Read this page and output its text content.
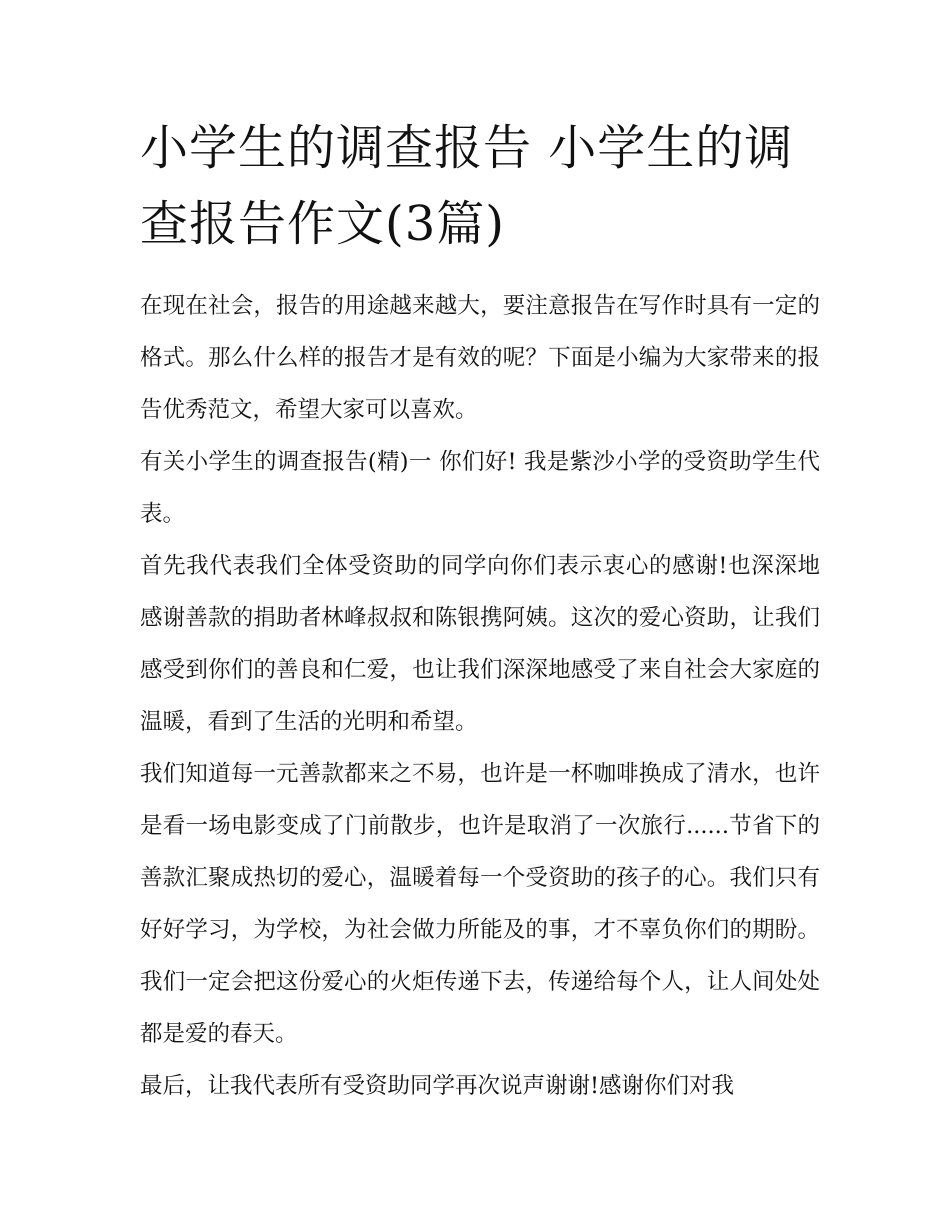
小学生的调查报告 小学生的调查报告作文(3篇)

在现在社会，报告的用途越来越大，要注意报告在写作时具有一定的格式。那么什么样的报告才是有效的呢？下面是小编为大家带来的报告优秀范文，希望大家可以喜欢。

有关小学生的调查报告(精)一 你们好! 我是紫沙小学的受资助学生代表。

首先我代表我们全体受资助的同学向你们表示衷心的感谢!也深深地感谢善款的捐助者林峰叔叔和陈银携阿姨。这次的爱心资助，让我们感受到你们的善良和仁爱，也让我们深深地感受了来自社会大家庭的温暖，看到了生活的光明和希望。

我们知道每一元善款都来之不易，也许是一杯咖啡换成了清水，也许是看一场电影变成了门前散步，也许是取消了一次旅行......节省下的善款汇聚成热切的爱心，温暖着每一个受资助的孩子的心。我们只有好好学习，为学校，为社会做力所能及的事，才不辜负你们的期盼。我们一定会把这份爱心的火炬传递下去，传递给每个人，让人间处处都是爱的春天。

最后，让我代表所有受资助同学再次说声谢谢!感谢你们对我
